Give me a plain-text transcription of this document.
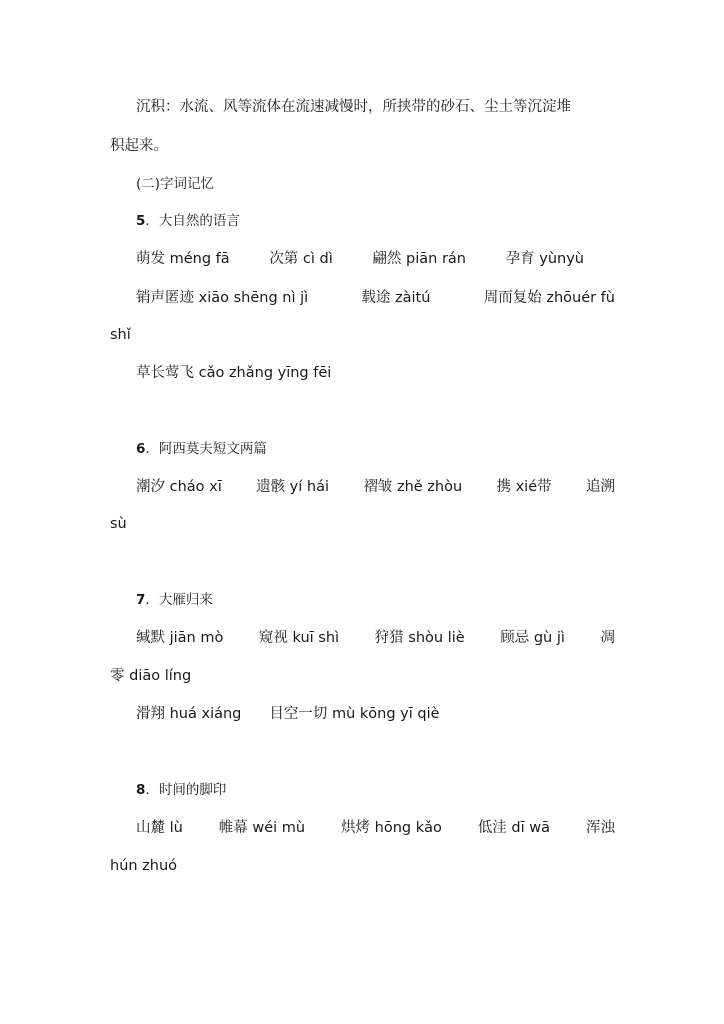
沉积：水流、风等流体在流速减慢时，所挟带的砂石、尘土等沉淀堆
积起来。
(二)字词记忆
5．大自然的语言
萌发 méng fā	次第 cì dì	翩然 piān rán	孕育 yùnyù
销声匿迹 xiāo shēng nì jì	载途 zàitú	周而复始 zhōuér fù
shǐ
草长莺飞 cǎo zhǎng yīng fēi
6．阿西莫夫短文两篇
潮汐 cháo xī 遗骸 yí hái 褶皱 zhě zhòu 携 xié带 追溯
sù
7．大雁归来
缄默 jiān mò 窥视 kuī shì 狩猎 shòu liè 顾忌 gù jì 凋
零 diāo líng
滑翔 huá xiáng 目空一切 mù kōng yī qiè
8．时间的脚印
山麓 lù 帷幕 wéi mù 烘烤 hōng kǎo 低洼 dī wā 浑浊
hún zhuó
